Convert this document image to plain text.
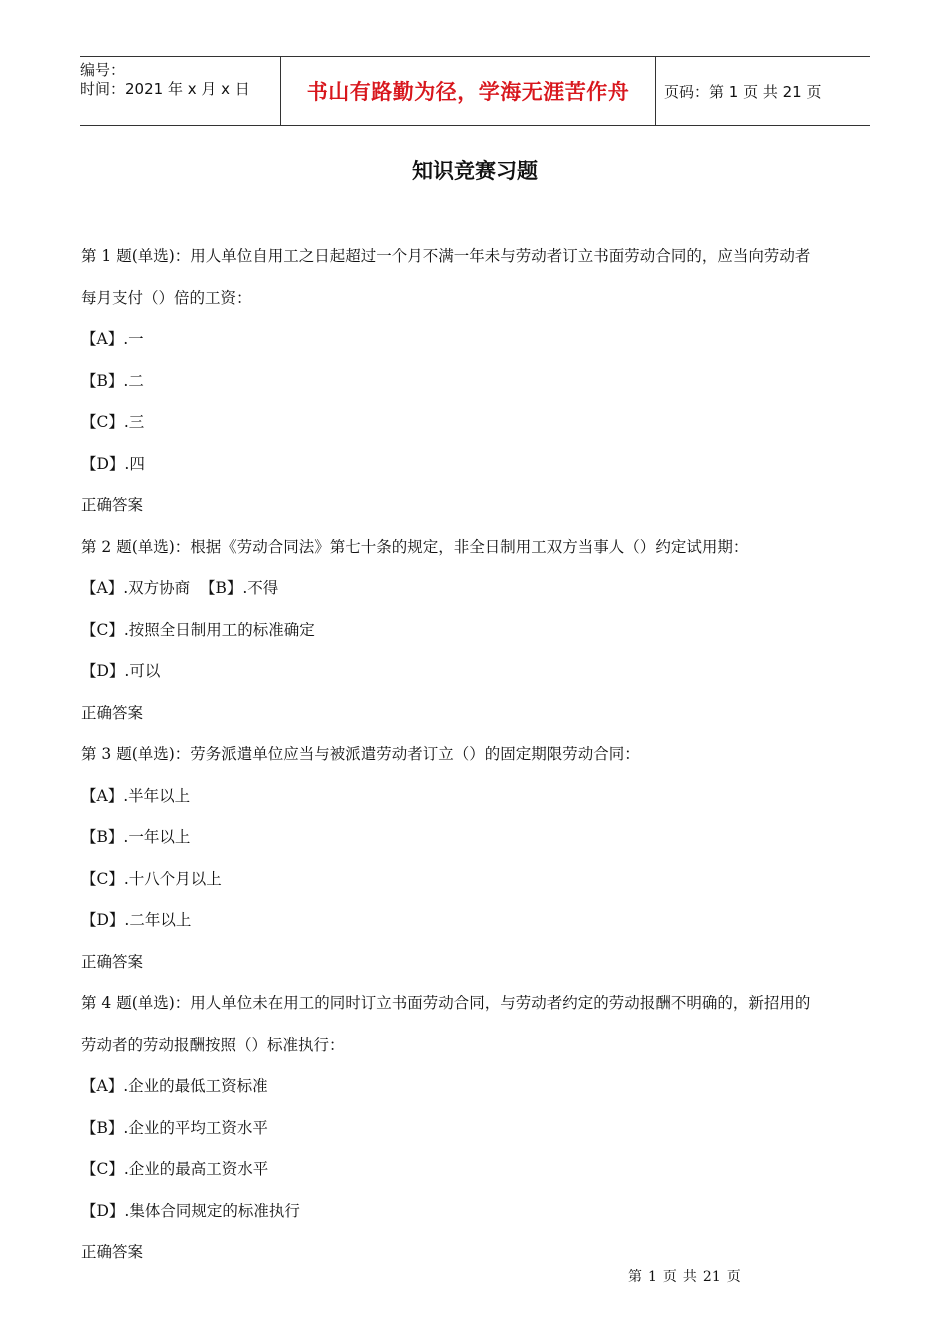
编号：
时间：2021 年 x 月 x 日	书山有路勤为径，学海无涯苦作舟	页码：第 1 页 共 21 页
知识竞赛习题
第 1 题(单选)：用人单位自用工之日起超过一个月不满一年未与劳动者订立书面劳动合同的，应当向劳动者
每月支付（）倍的工资：
【A】.一
【B】.二
【C】.三
【D】.四
正确答案
第 2 题(单选)：根据《劳动合同法》第七十条的规定，非全日制用工双方当事人（）约定试用期：
【A】.双方协商  【B】.不得
【C】.按照全日制用工的标准确定
【D】.可以
正确答案
第 3 题(单选)：劳务派遣单位应当与被派遣劳动者订立（）的固定期限劳动合同：
【A】.半年以上
【B】.一年以上
【C】.十八个月以上
【D】.二年以上
正确答案
第 4 题(单选)：用人单位未在用工的同时订立书面劳动合同，与劳动者约定的劳动报酬不明确的，新招用的
劳动者的劳动报酬按照（）标准执行：
【A】.企业的最低工资标准
【B】.企业的平均工资水平
【C】.企业的最高工资水平
【D】.集体合同规定的标准执行
正确答案
第 1 页 共 21 页
